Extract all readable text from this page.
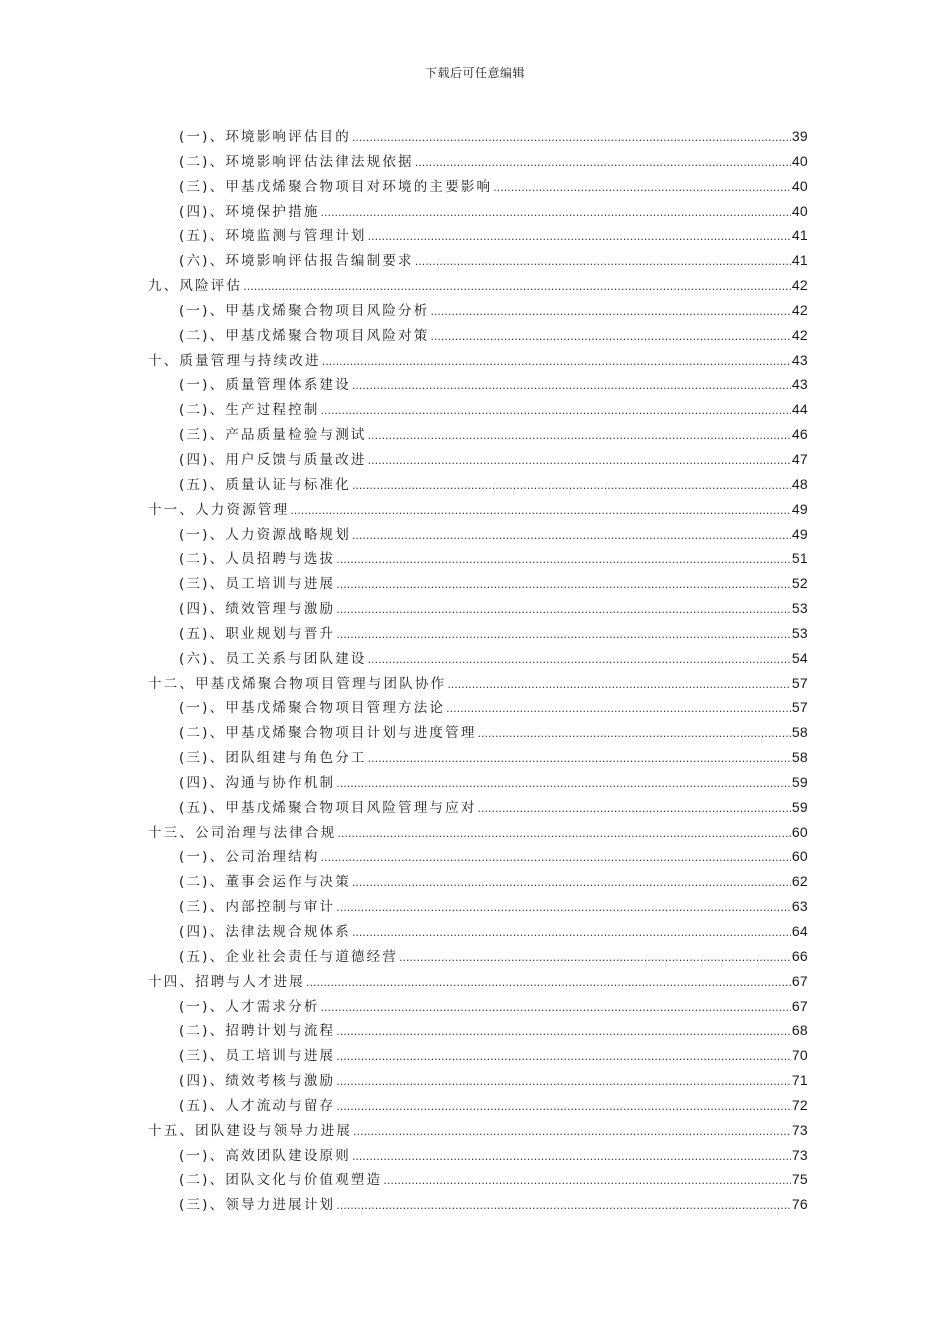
下载后可任意编辑
(一)、环境影响评估目的 .....	39
(二)、环境影响评估法律法规依据 .....	40
(三)、甲基戊烯聚合物项目对环境的主要影响 .....	40
(四)、环境保护措施 .....	40
(五)、环境监测与管理计划 .....	41
(六)、环境影响评估报告编制要求 .....	41
九、风险评估 .....	42
(一)、甲基戊烯聚合物项目风险分析 .....	42
(二)、甲基戊烯聚合物项目风险对策 .....	42
十、质量管理与持续改进 .....	43
(一)、质量管理体系建设 .....	43
(二)、生产过程控制 .....	44
(三)、产品质量检验与测试 .....	46
(四)、用户反馈与质量改进 .....	47
(五)、质量认证与标准化 .....	48
十一、人力资源管理 .....	49
(一)、人力资源战略规划 .....	49
(二)、人员招聘与选拔 .....	51
(三)、员工培训与进展 .....	52
(四)、绩效管理与激励 .....	53
(五)、职业规划与晋升 .....	53
(六)、员工关系与团队建设 .....	54
十二、甲基戊烯聚合物项目管理与团队协作 .....	57
(一)、甲基戊烯聚合物项目管理方法论 .....	57
(二)、甲基戊烯聚合物项目计划与进度管理 .....	58
(三)、团队组建与角色分工 .....	58
(四)、沟通与协作机制 .....	59
(五)、甲基戊烯聚合物项目风险管理与应对 .....	59
十三、公司治理与法律合规 .....	60
(一)、公司治理结构 .....	60
(二)、董事会运作与决策 .....	62
(三)、内部控制与审计 .....	63
(四)、法律法规合规体系 .....	64
(五)、企业社会责任与道德经营 .....	66
十四、招聘与人才进展 .....	67
(一)、人才需求分析 .....	67
(二)、招聘计划与流程 .....	68
(三)、员工培训与进展 .....	70
(四)、绩效考核与激励 .....	71
(五)、人才流动与留存 .....	72
十五、团队建设与领导力进展 .....	73
(一)、高效团队建设原则 .....	73
(二)、团队文化与价值观塑造 .....	75
(三)、领导力进展计划 .....	76
